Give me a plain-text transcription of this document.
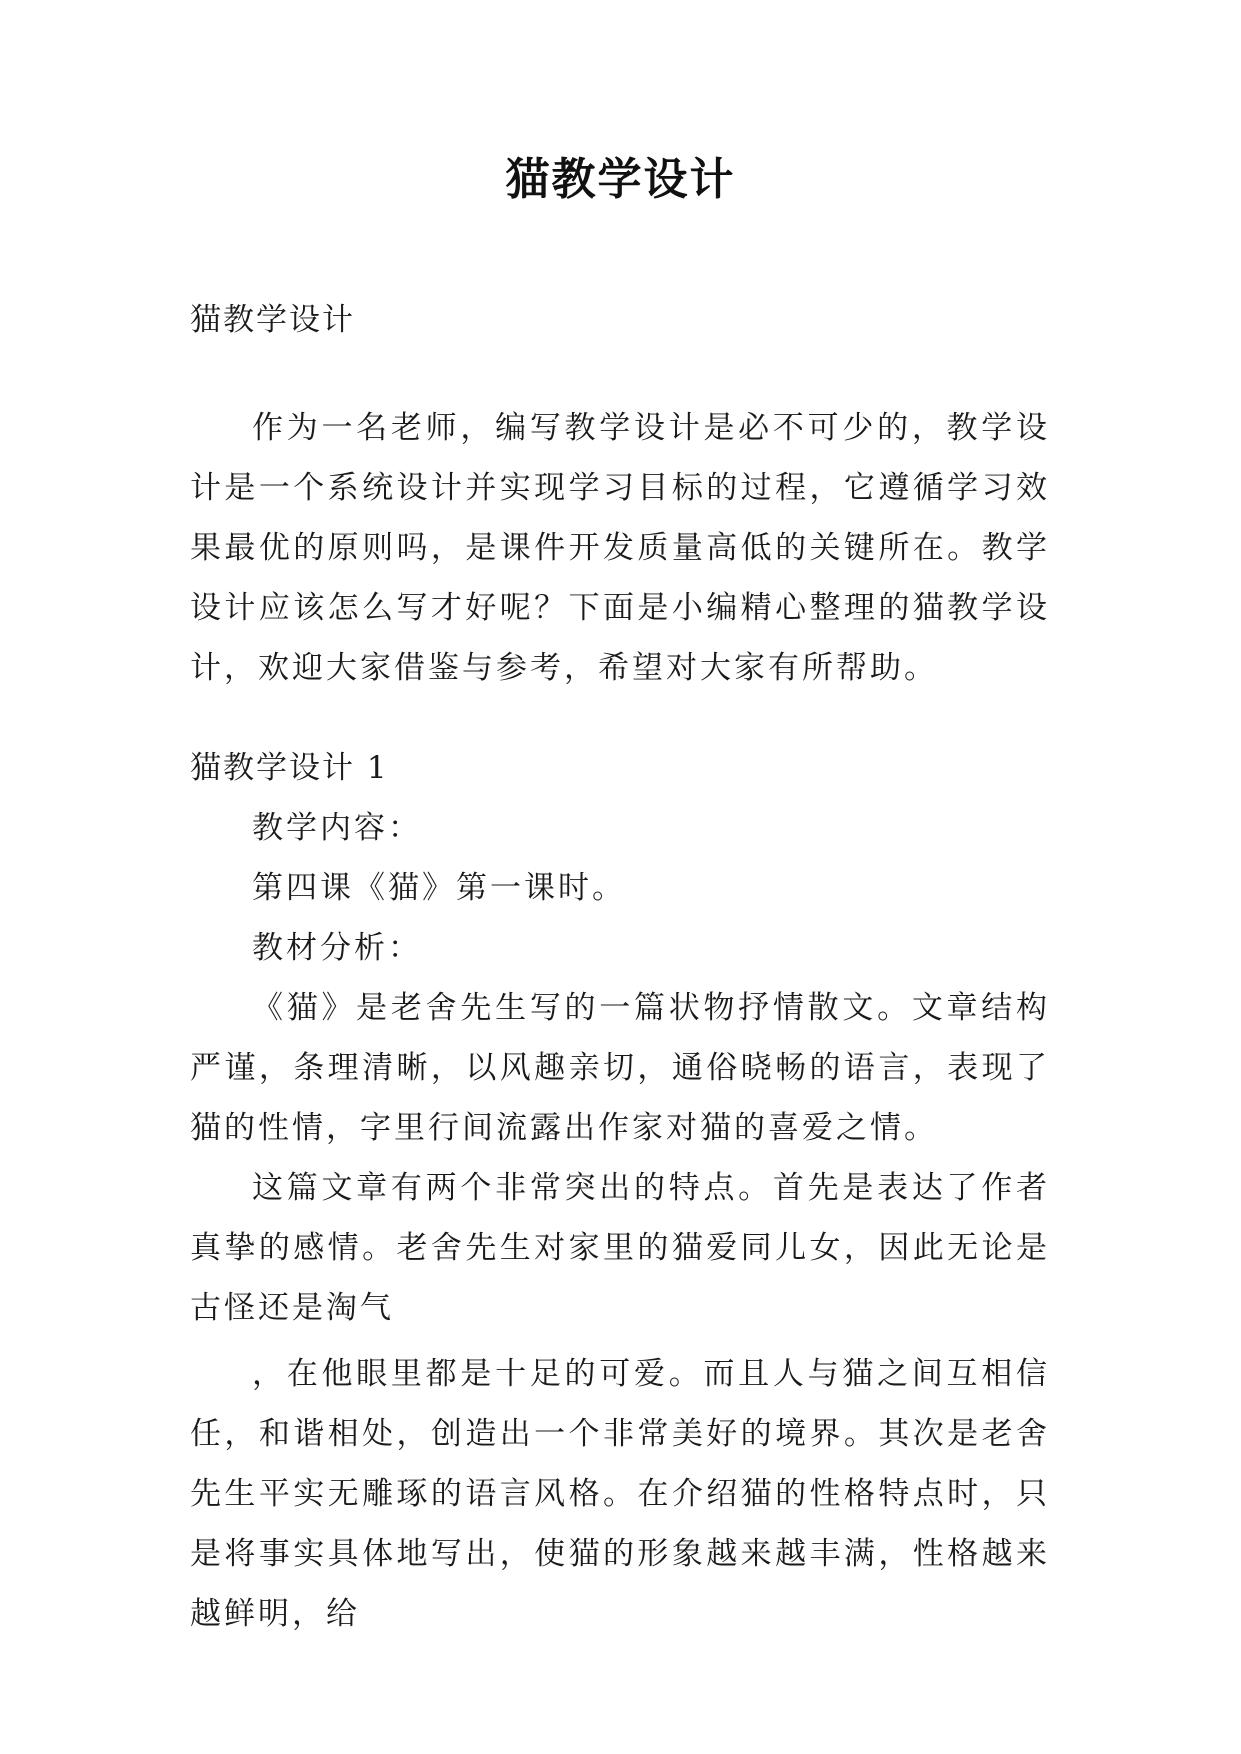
猫教学设计

猫教学设计

作为一名老师，编写教学设计是必不可少的，教学设计是一个系统设计并实现学习目标的过程，它遵循学习效果最优的原则吗，是课件开发质量高低的关键所在。教学设计应该怎么写才好呢？下面是小编精心整理的猫教学设计，欢迎大家借鉴与参考，希望对大家有所帮助。

猫教学设计 1

教学内容：

第四课《猫》第一课时。

教材分析：

《猫》是老舍先生写的一篇状物抒情散文。文章结构严谨，条理清晰，以风趣亲切，通俗晓畅的语言，表现了猫的性情，字里行间流露出作家对猫的喜爱之情。

这篇文章有两个非常突出的特点。首先是表达了作者真挚的感情。老舍先生对家里的猫爱同儿女，因此无论是古怪还是淘气

，在他眼里都是十足的可爱。而且人与猫之间互相信任，和谐相处，创造出一个非常美好的境界。其次是老舍先生平实无雕琢的语言风格。在介绍猫的性格特点时，只是将事实具体地写出，使猫的形象越来越丰满，性格越来越鲜明，给
